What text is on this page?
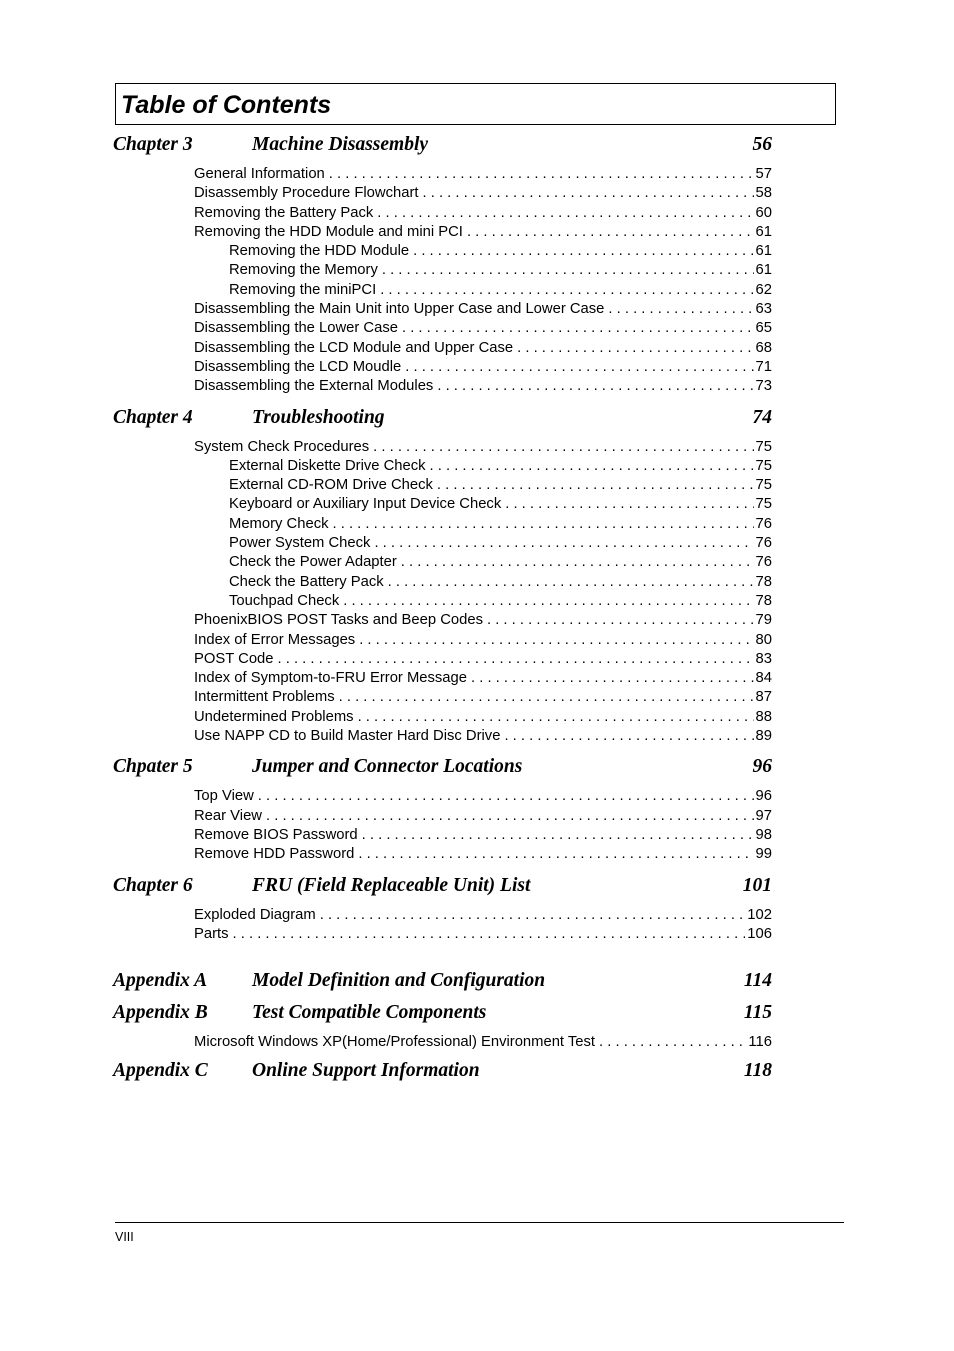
Table of Contents
Chapter 3	Machine Disassembly	56
General Information . . .	57
Disassembly Procedure Flowchart . . .	58
Removing the Battery Pack . . .	60
Removing the HDD Module and mini PCI . . .	61
Removing the HDD Module . . .	61
Removing the Memory . . .	61
Removing the miniPCI . . .	62
Disassembling the Main Unit into Upper Case and Lower Case . . .	63
Disassembling the Lower Case . . .	65
Disassembling the LCD Module and Upper Case . . .	68
Disassembling the LCD Moudle . . .	71
Disassembling the External Modules . . .	73
Chapter 4	Troubleshooting	74
System Check Procedures . . .	75
External Diskette Drive Check . . .	75
External CD-ROM Drive Check . . .	75
Keyboard or Auxiliary Input Device Check . . .	75
Memory Check . . .	76
Power System Check . . .	76
Check the Power Adapter . . .	76
Check the Battery Pack . . .	78
Touchpad Check . . .	78
PhoenixBIOS POST Tasks and Beep Codes . . .	79
Index of Error Messages . . .	80
POST Code . . .	83
Index of Symptom-to-FRU Error Message . . .	84
Intermittent Problems . . .	87
Undetermined Problems . . .	88
Use NAPP CD to Build Master Hard Disc Drive . . .	89
Chpater 5	Jumper and Connector Locations	96
Top View . . .	96
Rear View . . .	97
Remove BIOS Password . . .	98
Remove HDD Password . . .	99
Chapter 6	FRU (Field Replaceable Unit) List	101
Exploded Diagram . . .	102
Parts . . .	106
Appendix A Model Definition and Configuration	114
Appendix B Test Compatible Components	115
Microsoft Windows XP(Home/Professional) Environment Test . . .	116
Appendix C Online Support Information	118
VIII
